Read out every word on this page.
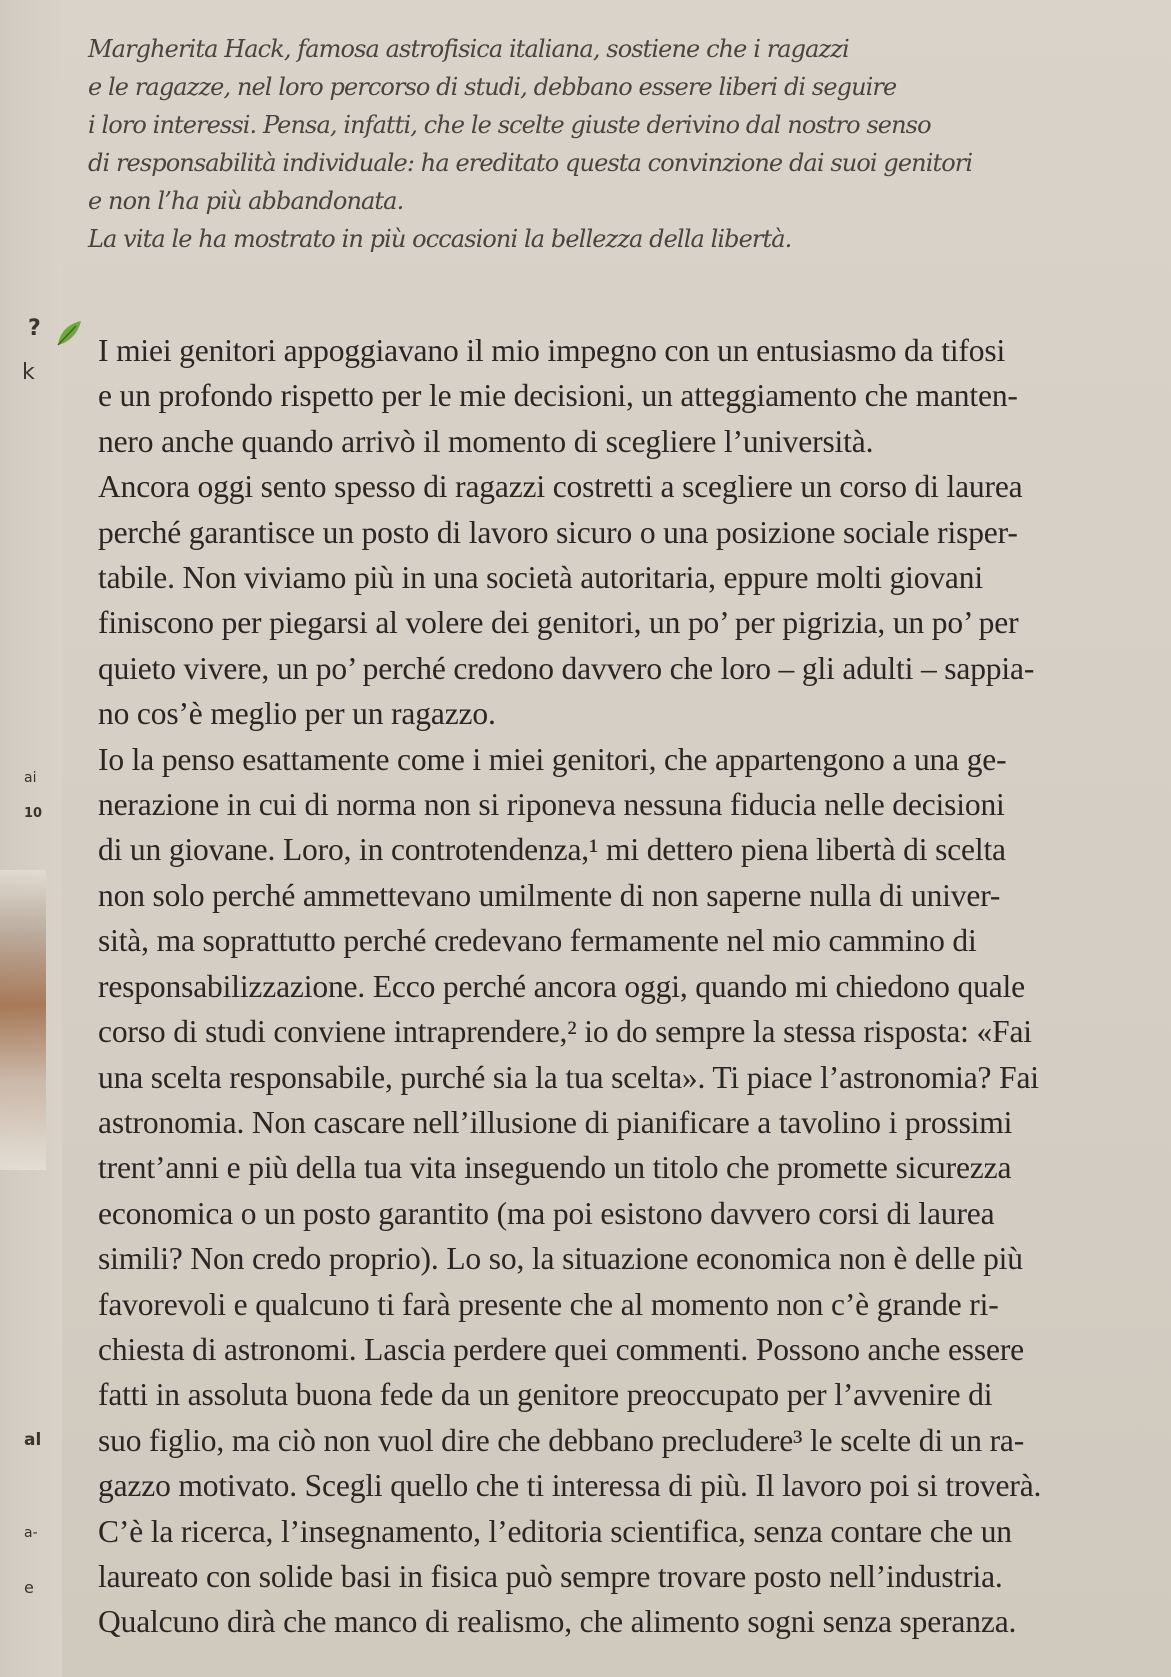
?
k
ai
10
al
a-
e
Margherita Hack, famosa astrofisica italiana, sostiene che i ragazzi
e le ragazze, nel loro percorso di studi, debbano essere liberi di seguire
i loro interessi. Pensa, infatti, che le scelte giuste derivino dal nostro senso
di responsabilità individuale: ha ereditato questa convinzione dai suoi genitori
e non l’ha più abbandonata.
La vita le ha mostrato in più occasioni la bellezza della libertà.
I miei genitori appoggiavano il mio impegno con un entusiasmo da tifosi
e un profondo rispetto per le mie decisioni, un atteggiamento che manten-
nero anche quando arrivò il momento di scegliere l’università.
Ancora oggi sento spesso di ragazzi costretti a scegliere un corso di laurea
perché garantisce un posto di lavoro sicuro o una posizione sociale risper-
tabile. Non viviamo più in una società autoritaria, eppure molti giovani
finiscono per piegarsi al volere dei genitori, un po’ per pigrizia, un po’ per
quieto vivere, un po’ perché credono davvero che loro – gli adulti – sappia-
no cos’è meglio per un ragazzo.
Io la penso esattamente come i miei genitori, che appartengono a una ge-
nerazione in cui di norma non si riponeva nessuna fiducia nelle decisioni
di un giovane. Loro, in controtendenza,¹ mi dettero piena libertà di scelta
non solo perché ammettevano umilmente di non saperne nulla di univer-
sità, ma soprattutto perché credevano fermamente nel mio cammino di
responsabilizzazione. Ecco perché ancora oggi, quando mi chiedono quale
corso di studi conviene intraprendere,² io do sempre la stessa risposta: «Fai
una scelta responsabile, purché sia la tua scelta». Ti piace l’astronomia? Fai
astronomia. Non cascare nell’illusione di pianificare a tavolino i prossimi
trent’anni e più della tua vita inseguendo un titolo che promette sicurezza
economica o un posto garantito (ma poi esistono davvero corsi di laurea
simili? Non credo proprio). Lo so, la situazione economica non è delle più
favorevoli e qualcuno ti farà presente che al momento non c’è grande ri-
chiesta di astronomi. Lascia perdere quei commenti. Possono anche essere
fatti in assoluta buona fede da un genitore preoccupato per l’avvenire di
suo figlio, ma ciò non vuol dire che debbano precludere³ le scelte di un ra-
gazzo motivato. Scegli quello che ti interessa di più. Il lavoro poi si troverà.
C’è la ricerca, l’insegnamento, l’editoria scientifica, senza contare che un
laureato con solide basi in fisica può sempre trovare posto nell’industria.
Qualcuno dirà che manco di realismo, che alimento sogni senza speranza.
